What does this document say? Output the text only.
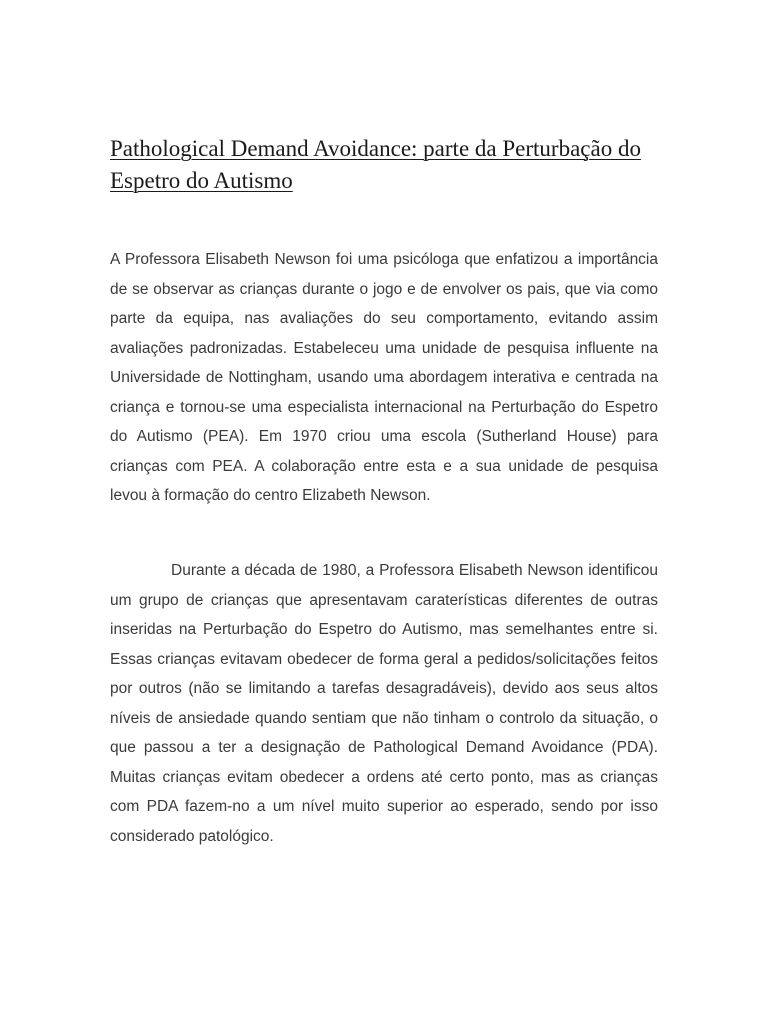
Pathological Demand Avoidance: parte da Perturbação do Espetro do Autismo

A Professora Elisabeth Newson foi uma psicóloga que enfatizou a importância de se observar as crianças durante o jogo e de envolver os pais, que via como parte da equipa, nas avaliações do seu comportamento, evitando assim avaliações padronizadas. Estabeleceu uma unidade de pesquisa influente na Universidade de Nottingham, usando uma abordagem interativa e centrada na criança e tornou-se uma especialista internacional na Perturbação do Espetro do Autismo (PEA). Em 1970 criou uma escola (Sutherland House) para crianças com PEA. A colaboração entre esta e a sua unidade de pesquisa levou à formação do centro Elizabeth Newson.

Durante a década de 1980, a Professora Elisabeth Newson identificou um grupo de crianças que apresentavam caraterísticas diferentes de outras inseridas na Perturbação do Espetro do Autismo, mas semelhantes entre si. Essas crianças evitavam obedecer de forma geral a pedidos/solicitações feitos por outros (não se limitando a tarefas desagradáveis), devido aos seus altos níveis de ansiedade quando sentiam que não tinham o controlo da situação, o que passou a ter a designação de Pathological Demand Avoidance (PDA). Muitas crianças evitam obedecer a ordens até certo ponto, mas as crianças com PDA fazem-no a um nível muito superior ao esperado, sendo por isso considerado patológico.
